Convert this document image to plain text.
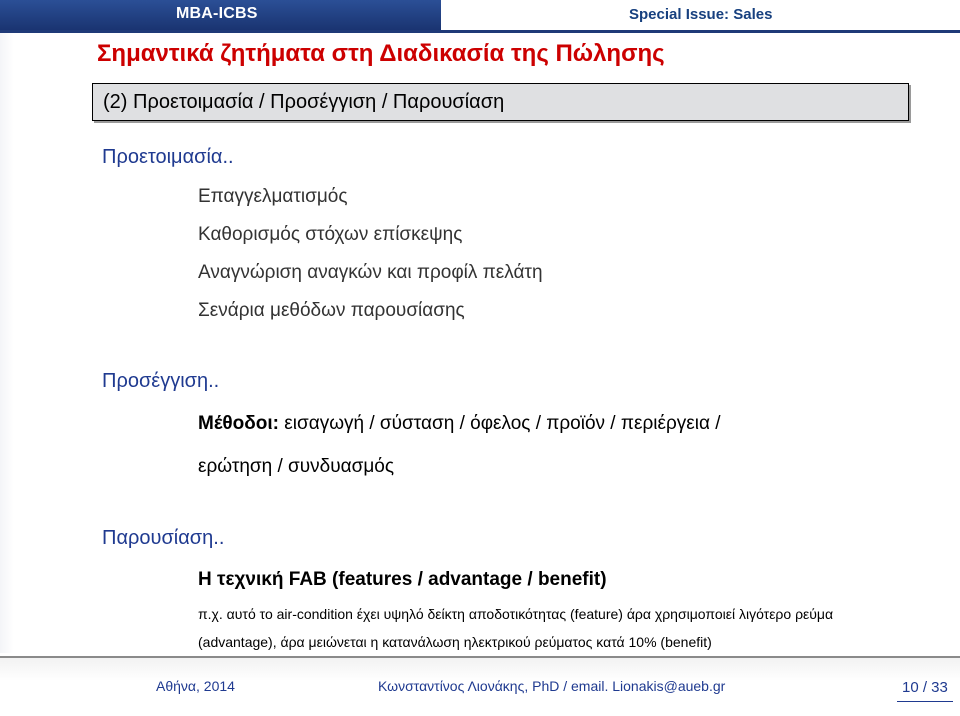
MBA-ICBS	Special Issue: Sales
Σημαντικά ζητήματα στη Διαδικασία της Πώλησης
(2) Προετοιμασία / Προσέγγιση / Παρουσίαση
Προετοιμασία..
Επαγγελματισμός
Καθορισμός στόχων επίσκεψης
Αναγνώριση αναγκών και προφίλ πελάτη
Σενάρια μεθόδων παρουσίασης
Προσέγγιση..
Μέθοδοι: εισαγωγή / σύσταση / όφελος / προϊόν / περιέργεια /
ερώτηση / συνδυασμός
Παρουσίαση..
Η τεχνική FAB (features / advantage / benefit)
π.χ. αυτό το air-condition έχει υψηλό δείκτη αποδοτικότητας (feature) άρα χρησιμοποιεί λιγότερο ρεύμα
(advantage), άρα μειώνεται η κατανάλωση ηλεκτρικού ρεύματος κατά 10% (benefit)
Αθήνα, 2014	Κωνσταντίνος Λιονάκης, PhD / email. Lionakis@aueb.gr	10 / 33
